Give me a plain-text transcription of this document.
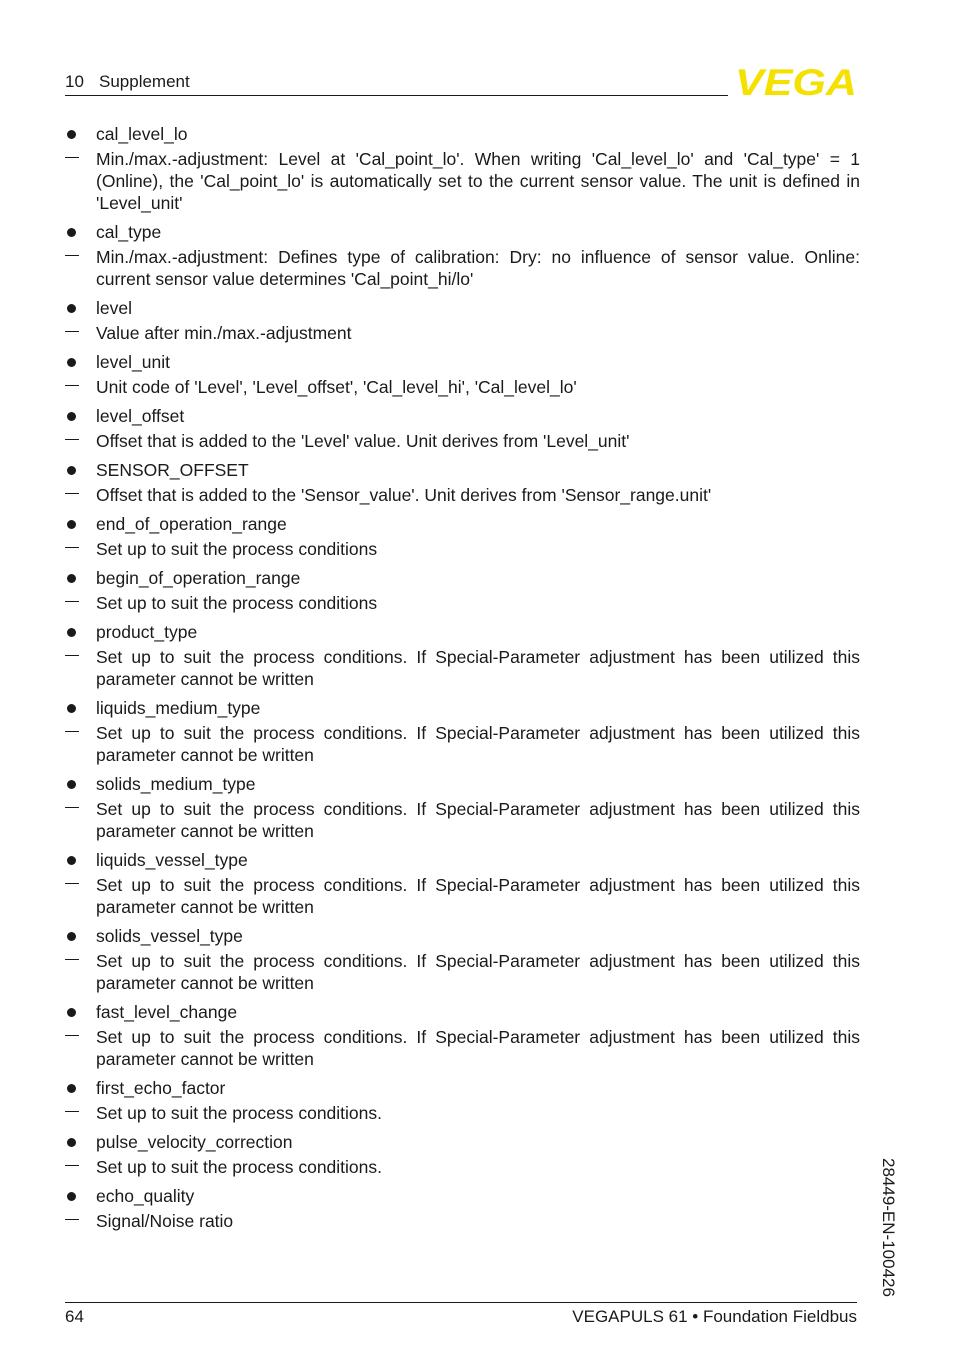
10 Supplement	VEGA
cal_level_lo
Min./max.-adjustment: Level at 'Cal_point_lo'. When writing 'Cal_level_lo' and 'Cal_type' = 1 (Online), the 'Cal_point_lo' is automatically set to the current sensor value. The unit is defined in 'Level_unit'
cal_type
Min./max.-adjustment: Defines type of calibration: Dry: no influence of sensor value. Online: current sensor value determines 'Cal_point_hi/lo'
level
Value after min./max.-adjustment
level_unit
Unit code of 'Level', 'Level_offset', 'Cal_level_hi', 'Cal_level_lo'
level_offset
Offset that is added to the 'Level' value. Unit derives from 'Level_unit'
SENSOR_OFFSET
Offset that is added to the 'Sensor_value'. Unit derives from 'Sensor_range.unit'
end_of_operation_range
Set up to suit the process conditions
begin_of_operation_range
Set up to suit the process conditions
product_type
Set up to suit the process conditions. If Special-Parameter adjustment has been utilized this parameter cannot be written
liquids_medium_type
Set up to suit the process conditions. If Special-Parameter adjustment has been utilized this parameter cannot be written
solids_medium_type
Set up to suit the process conditions. If Special-Parameter adjustment has been utilized this parameter cannot be written
liquids_vessel_type
Set up to suit the process conditions. If Special-Parameter adjustment has been utilized this parameter cannot be written
solids_vessel_type
Set up to suit the process conditions. If Special-Parameter adjustment has been utilized this parameter cannot be written
fast_level_change
Set up to suit the process conditions. If Special-Parameter adjustment has been utilized this parameter cannot be written
first_echo_factor
Set up to suit the process conditions.
pulse_velocity_correction
Set up to suit the process conditions.
echo_quality
Signal/Noise ratio	28449-EN-100426
64	VEGAPULS 61 • Foundation Fieldbus
